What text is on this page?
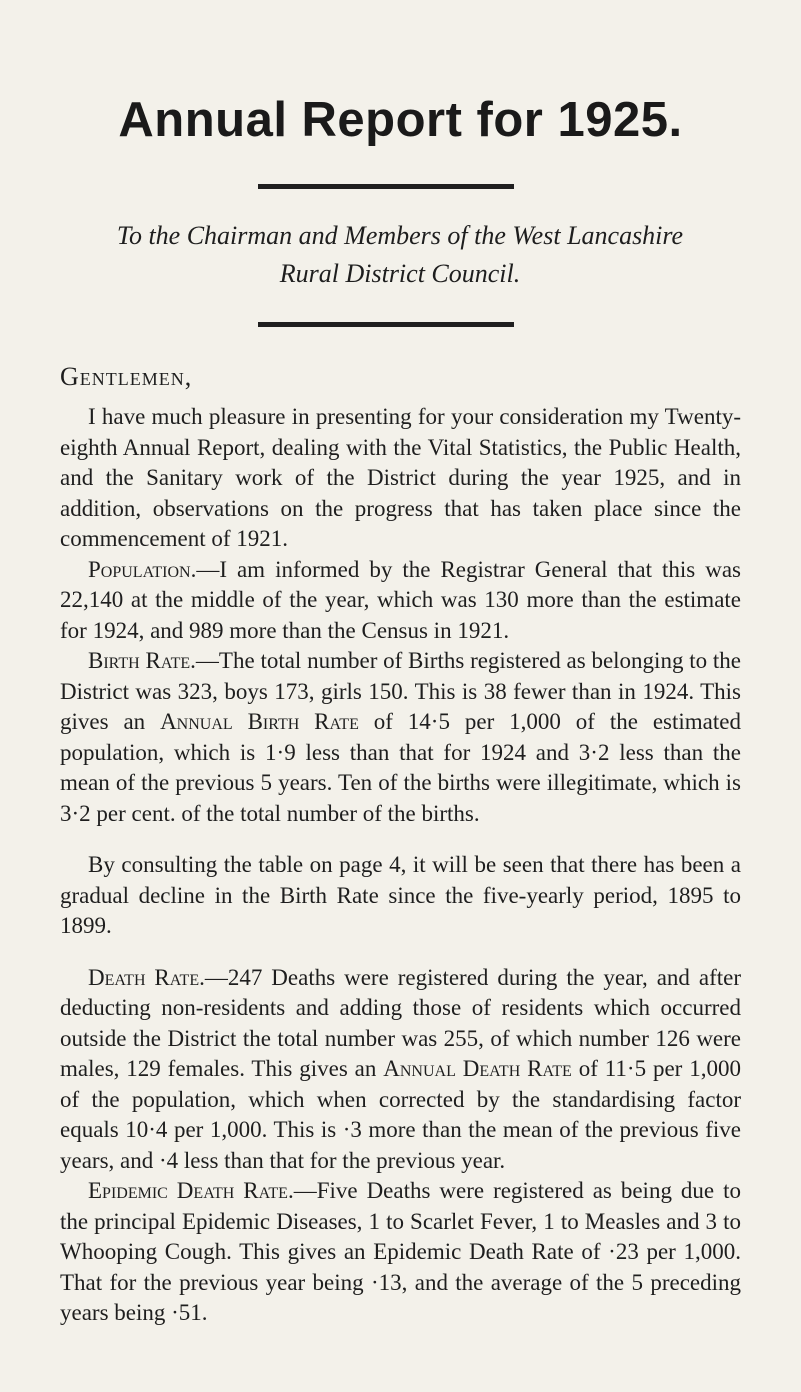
Annual Report for 1925.
To the Chairman and Members of the West Lancashire
Rural District Council.
Gentlemen,

I have much pleasure in presenting for your consideration my Twenty-eighth Annual Report, dealing with the Vital Statistics, the Public Health, and the Sanitary work of the District during the year 1925, and in addition, observations on the progress that has taken place since the commencement of 1921.

Population.—I am informed by the Registrar General that this was 22,140 at the middle of the year, which was 130 more than the estimate for 1924, and 989 more than the Census in 1921.

Birth Rate.—The total number of Births registered as belonging to the District was 323, boys 173, girls 150. This is 38 fewer than in 1924. This gives an Annual Birth Rate of 14·5 per 1,000 of the estimated population, which is 1·9 less than that for 1924 and 3·2 less than the mean of the previous 5 years. Ten of the births were illegitimate, which is 3·2 per cent. of the total number of the births.

By consulting the table on page 4, it will be seen that there has been a gradual decline in the Birth Rate since the five-yearly period, 1895 to 1899.

Death Rate.—247 Deaths were registered during the year, and after deducting non-residents and adding those of residents which occurred outside the District the total number was 255, of which number 126 were males, 129 females. This gives an Annual Death Rate of 11·5 per 1,000 of the population, which when corrected by the standardising factor equals 10·4 per 1,000. This is ·3 more than the mean of the previous five years, and ·4 less than that for the previous year.

Epidemic Death Rate.—Five Deaths were registered as being due to the principal Epidemic Diseases, 1 to Scarlet Fever, 1 to Measles and 3 to Whooping Cough. This gives an Epidemic Death Rate of ·23 per 1,000. That for the previous year being ·13, and the average of the 5 preceding years being ·51.
